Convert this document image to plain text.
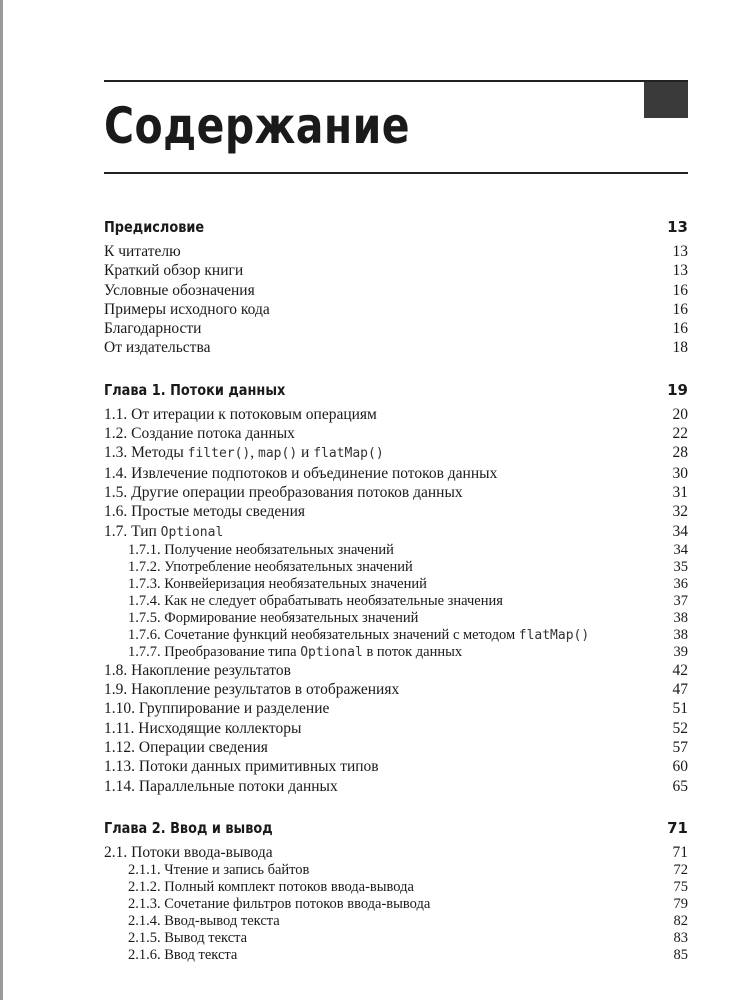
Содержание
Предисловие	13
К читателю	13
Краткий обзор книги	13
Условные обозначения	16
Примеры исходного кода	16
Благодарности	16
От издательства	18
Глава 1. Потоки данных	19
1.1. От итерации к потоковым операциям	20
1.2. Создание потока данных	22
1.3. Методы filter(), map() и flatMap()	28
1.4. Извлечение подпотоков и объединение потоков данных	30
1.5. Другие операции преобразования потоков данных	31
1.6. Простые методы сведения	32
1.7. Тип Optional	34
1.7.1. Получение необязательных значений	34
1.7.2. Употребление необязательных значений	35
1.7.3. Конвейеризация необязательных значений	36
1.7.4. Как не следует обрабатывать необязательные значения	37
1.7.5. Формирование необязательных значений	38
1.7.6. Сочетание функций необязательных значений с методом flatMap()	38
1.7.7. Преобразование типа Optional в поток данных	39
1.8. Накопление результатов	42
1.9. Накопление результатов в отображениях	47
1.10. Группирование и разделение	51
1.11. Нисходящие коллекторы	52
1.12. Операции сведения	57
1.13. Потоки данных примитивных типов	60
1.14. Параллельные потоки данных	65
Глава 2. Ввод и вывод	71
2.1. Потоки ввода-вывода	71
2.1.1. Чтение и запись байтов	72
2.1.2. Полный комплект потоков ввода-вывода	75
2.1.3. Сочетание фильтров потоков ввода-вывода	79
2.1.4. Ввод-вывод текста	82
2.1.5. Вывод текста	83
2.1.6. Ввод текста	85
